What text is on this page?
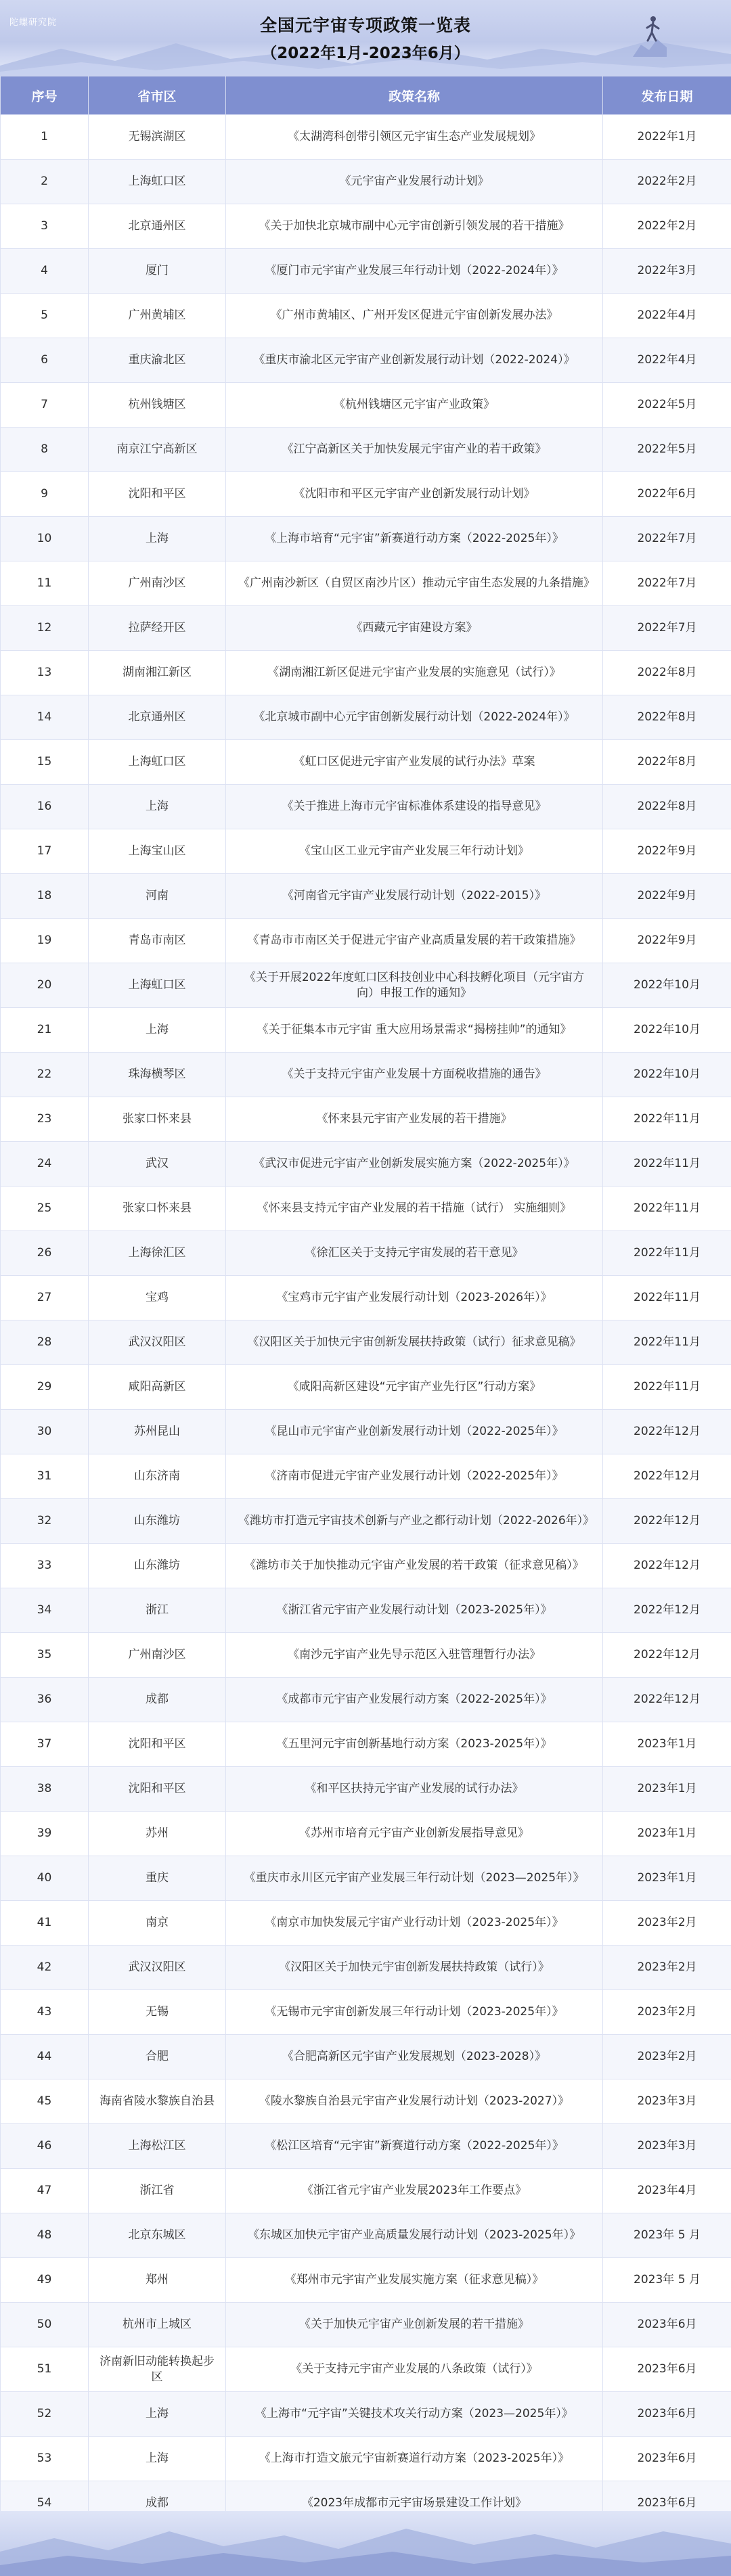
陀螺研究院	全国元宇宙专项政策一览表
（2022年1月-2023年6月）
序号	省市区	政策名称	发布日期
1	无锡滨湖区	《太湖湾科创带引领区元宇宙生态产业发展规划》	2022年1月
2	上海虹口区	《元宇宙产业发展行动计划》	2022年2月
3	北京通州区	《关于加快北京城市副中心元宇宙创新引领发展的若干措施》	2022年2月
4	厦门	《厦门市元宇宙产业发展三年行动计划（2022-2024年）》	2022年3月
5	广州黄埔区	《广州市黄埔区、广州开发区促进元宇宙创新发展办法》	2022年4月
6	重庆渝北区	《重庆市渝北区元宇宙产业创新发展行动计划（2022-2024）》	2022年4月
7	杭州钱塘区	《杭州钱塘区元宇宙产业政策》	2022年5月
8	南京江宁高新区	《江宁高新区关于加快发展元宇宙产业的若干政策》	2022年5月
9	沈阳和平区	《沈阳市和平区元宇宙产业创新发展行动计划》	2022年6月
10	上海	《上海市培育“元宇宙”新赛道行动方案（2022-2025年）》	2022年7月
11	广州南沙区	《广州南沙新区（自贸区南沙片区）推动元宇宙生态发展的九条措施》	2022年7月
12	拉萨经开区	《西藏元宇宙建设方案》	2022年7月
13	湖南湘江新区	《湖南湘江新区促进元宇宙产业发展的实施意见（试行）》	2022年8月
14	北京通州区	《北京城市副中心元宇宙创新发展行动计划（2022-2024年）》	2022年8月
15	上海虹口区	《虹口区促进元宇宙产业发展的试行办法》草案	2022年8月
16	上海	《关于推进上海市元宇宙标准体系建设的指导意见》	2022年8月
17	上海宝山区	《宝山区工业元宇宙产业发展三年行动计划》	2022年9月
18	河南	《河南省元宇宙产业发展行动计划（2022-2015）》	2022年9月
19	青岛市南区	《青岛市市南区关于促进元宇宙产业高质量发展的若干政策措施》	2022年9月
20	上海虹口区	《关于开展2022年度虹口区科技创业中心科技孵化项目（元宇宙方向）申报工作的通知》	2022年10月
21	上海	《关于征集本市元宇宙 重大应用场景需求“揭榜挂帅”的通知》	2022年10月
22	珠海横琴区	《关于支持元宇宙产业发展十方面税收措施的通告》	2022年10月
23	张家口怀来县	《怀来县元宇宙产业发展的若干措施》	2022年11月
24	武汉	《武汉市促进元宇宙产业创新发展实施方案（2022-2025年）》	2022年11月
25	张家口怀来县	《怀来县支持元宇宙产业发展的若干措施（试行） 实施细则》	2022年11月
26	上海徐汇区	《徐汇区关于支持元宇宙发展的若干意见》	2022年11月
27	宝鸡	《宝鸡市元宇宙产业发展行动计划（2023-2026年）》	2022年11月
28	武汉汉阳区	《汉阳区关于加快元宇宙创新发展扶持政策（试行）征求意见稿》	2022年11月
29	咸阳高新区	《咸阳高新区建设“元宇宙产业先行区”行动方案》	2022年11月
30	苏州昆山	《昆山市元宇宙产业创新发展行动计划（2022-2025年）》	2022年12月
31	山东济南	《济南市促进元宇宙产业发展行动计划（2022-2025年）》	2022年12月
32	山东潍坊	《潍坊市打造元宇宙技术创新与产业之都行动计划（2022-2026年）》	2022年12月
33	山东潍坊	《潍坊市关于加快推动元宇宙产业发展的若干政策（征求意见稿）》	2022年12月
34	浙江	《浙江省元宇宙产业发展行动计划（2023-2025年）》	2022年12月
35	广州南沙区	《南沙元宇宙产业先导示范区入驻管理暂行办法》	2022年12月
36	成都	《成都市元宇宙产业发展行动方案（2022-2025年）》	2022年12月
37	沈阳和平区	《五里河元宇宙创新基地行动方案（2023-2025年）》	2023年1月
38	沈阳和平区	《和平区扶持元宇宙产业发展的试行办法》	2023年1月
39	苏州	《苏州市培育元宇宙产业创新发展指导意见》	2023年1月
40	重庆	《重庆市永川区元宇宙产业发展三年行动计划（2023—2025年）》	2023年1月
41	南京	《南京市加快发展元宇宙产业行动计划（2023-2025年）》	2023年2月
42	武汉汉阳区	《汉阳区关于加快元宇宙创新发展扶持政策（试行）》	2023年2月
43	无锡	《无锡市元宇宙创新发展三年行动计划（2023-2025年）》	2023年2月
44	合肥	《合肥高新区元宇宙产业发展规划（2023-2028）》	2023年2月
45	海南省陵水黎族自治县	《陵水黎族自治县元宇宙产业发展行动计划（2023-2027）》	2023年3月
46	上海松江区	《松江区培育“元宇宙”新赛道行动方案（2022-2025年）》	2023年3月
47	浙江省	《浙江省元宇宙产业发展2023年工作要点》	2023年4月
48	北京东城区	《东城区加快元宇宙产业高质量发展行动计划（2023-2025年）》	2023年 5 月
49	郑州	《郑州市元宇宙产业发展实施方案（征求意见稿）》	2023年 5 月
50	杭州市上城区	《关于加快元宇宙产业创新发展的若干措施》	2023年6月
51	济南新旧动能转换起步区	《关于支持元宇宙产业发展的八条政策（试行）》	2023年6月
52	上海	《上海市“元宇宙”关键技术攻关行动方案（2023—2025年）》	2023年6月
53	上海	《上海市打造文旅元宇宙新赛道行动方案（2023-2025年）》	2023年6月
54	成都	《2023年成都市元宇宙场景建设工作计划》	2023年6月
